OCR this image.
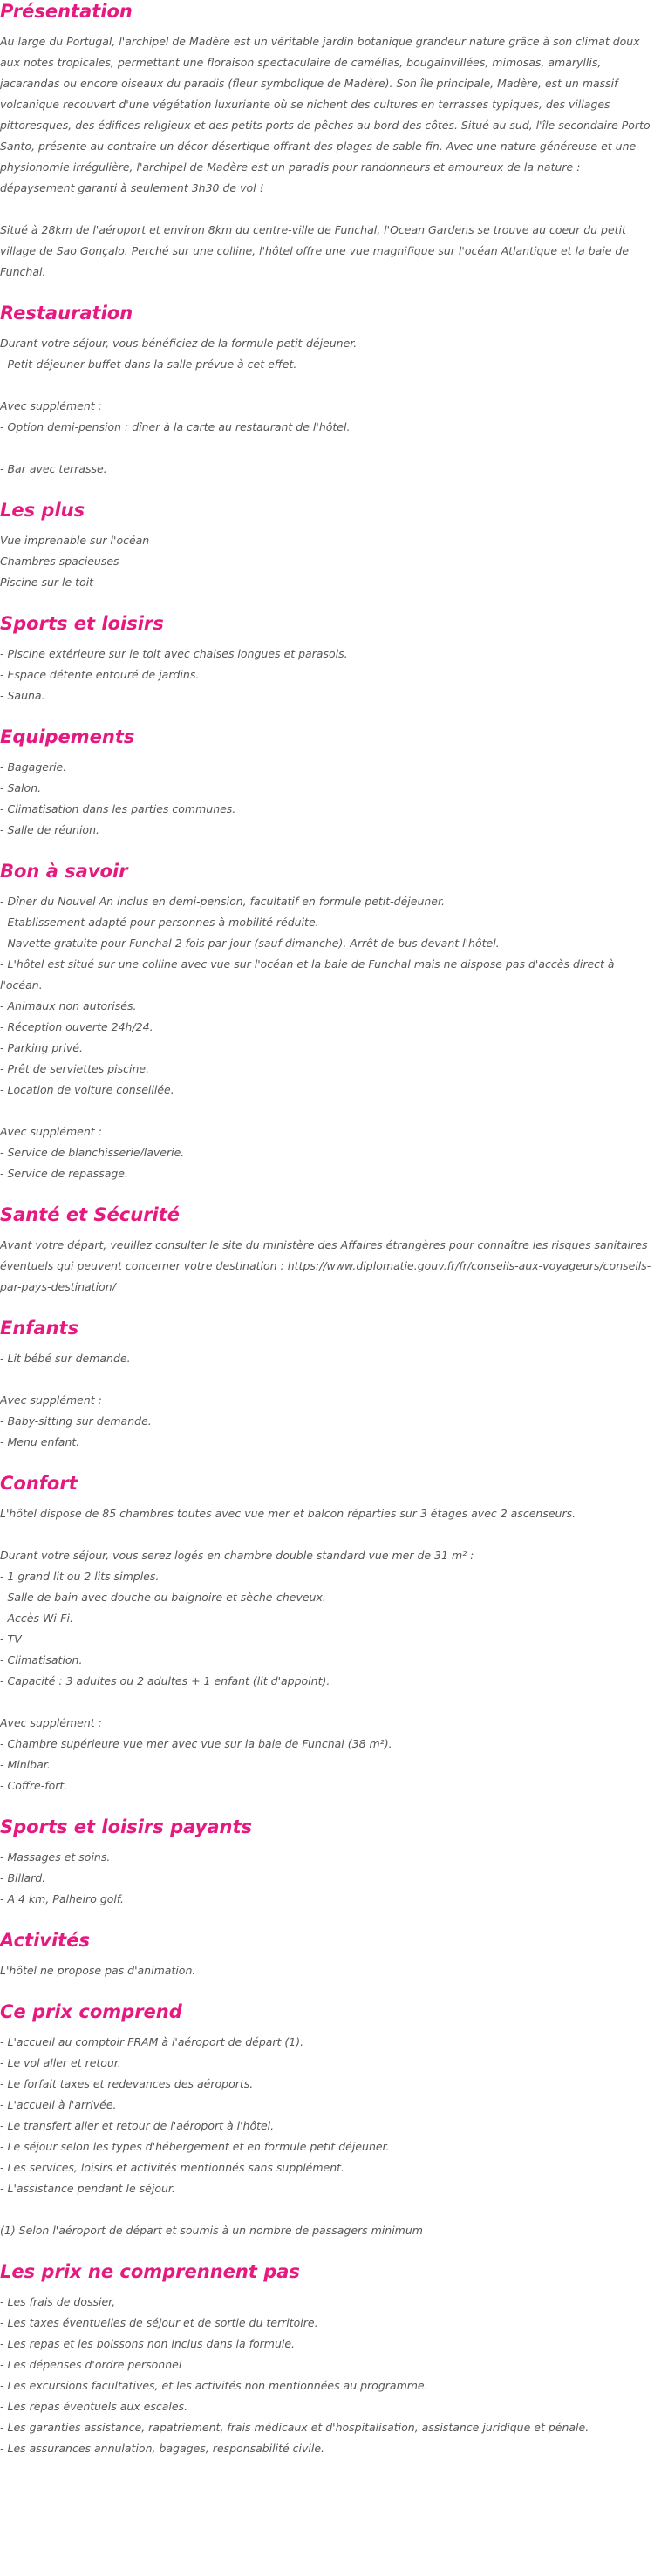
Présentation
Au large du Portugal, l'archipel de Madère est un véritable jardin botanique grandeur nature grâce à son climat doux aux notes tropicales, permettant une floraison spectaculaire de camélias, bougainvillées, mimosas, amaryllis, jacarandas ou encore oiseaux du paradis (fleur symbolique de Madère). Son île principale, Madère, est un massif volcanique recouvert d'une végétation luxuriante où se nichent des cultures en terrasses typiques, des villages pittoresques, des édifices religieux et des petits ports de pêches au bord des côtes. Situé au sud, l'île secondaire Porto Santo, présente au contraire un décor désertique offrant des plages de sable fin. Avec une nature généreuse et une physionomie irrégulière, l'archipel de Madère est un paradis pour randonneurs et amoureux de la nature : dépaysement garanti à seulement 3h30 de vol !
Situé à 28km de l'aéroport et environ 8km du centre-ville de Funchal, l'Ocean Gardens se trouve au coeur du petit village de Sao Gonçalo. Perché sur une colline, l'hôtel offre une vue magnifique sur l'océan Atlantique et la baie de Funchal.
Restauration
Durant votre séjour, vous bénéficiez de la formule petit-déjeuner.
- Petit-déjeuner buffet dans la salle prévue à cet effet.
Avec supplément :
- Option demi-pension : dîner à la carte au restaurant de l'hôtel.
- Bar avec terrasse.
Les plus
Vue imprenable sur l'océan
Chambres spacieuses
Piscine sur le toit
Sports et loisirs
- Piscine extérieure sur le toit avec chaises longues et parasols.
- Espace détente entouré de jardins.
- Sauna.
Equipements
- Bagagerie.
- Salon.
- Climatisation dans les parties communes.
- Salle de réunion.
Bon à savoir
- Dîner du Nouvel An inclus en demi-pension, facultatif en formule petit-déjeuner.
- Etablissement adapté pour personnes à mobilité réduite.
- Navette gratuite pour Funchal 2 fois par jour (sauf dimanche). Arrêt de bus devant l'hôtel.
- L'hôtel est situé sur une colline avec vue sur l'océan et la baie de Funchal mais ne dispose pas d'accès direct à l'océan.
- Animaux non autorisés.
- Réception ouverte 24h/24.
- Parking privé.
- Prêt de serviettes piscine.
- Location de voiture conseillée.
Avec supplément :
- Service de blanchisserie/laverie.
- Service de repassage.
Santé et Sécurité
Avant votre départ, veuillez consulter le site du ministère des Affaires étrangères pour connaître les risques sanitaires éventuels qui peuvent concerner votre destination : https://www.diplomatie.gouv.fr/fr/conseils-aux-voyageurs/conseils-par-pays-destination/
Enfants
- Lit bébé sur demande.
Avec supplément :
- Baby-sitting sur demande.
- Menu enfant.
Confort
L'hôtel dispose de 85 chambres toutes avec vue mer et balcon réparties sur 3 étages avec 2 ascenseurs.
Durant votre séjour, vous serez logés en chambre double standard vue mer de 31 m² :
- 1 grand lit ou 2 lits simples.
- Salle de bain avec douche ou baignoire et sèche-cheveux.
- Accès Wi-Fi.
- TV
- Climatisation.
- Capacité : 3 adultes ou 2 adultes + 1 enfant (lit d'appoint).
Avec supplément :
- Chambre supérieure vue mer avec vue sur la baie de Funchal (38 m²).
- Minibar.
- Coffre-fort.
Sports et loisirs payants
- Massages et soins.
- Billard.
- A 4 km, Palheiro golf.
Activités
L'hôtel ne propose pas d'animation.
Ce prix comprend
- L'accueil au comptoir FRAM à l'aéroport de départ (1).
- Le vol aller et retour.
- Le forfait taxes et redevances des aéroports.
- L'accueil à l'arrivée.
- Le transfert aller et retour de l'aéroport à l'hôtel.
- Le séjour selon les types d'hébergement et en formule petit déjeuner.
- Les services, loisirs et activités mentionnés sans supplément.
- L'assistance pendant le séjour.
(1) Selon l'aéroport de départ et soumis à un nombre de passagers minimum
Les prix ne comprennent pas
- Les frais de dossier,
- Les taxes éventuelles de séjour et de sortie du territoire.
- Les repas et les boissons non inclus dans la formule.
- Les dépenses d'ordre personnel
- Les excursions facultatives, et les activités non mentionnées au programme.
- Les repas éventuels aux escales.
- Les garanties assistance, rapatriement, frais médicaux et d'hospitalisation, assistance juridique et pénale.
- Les assurances annulation, bagages, responsabilité civile.
